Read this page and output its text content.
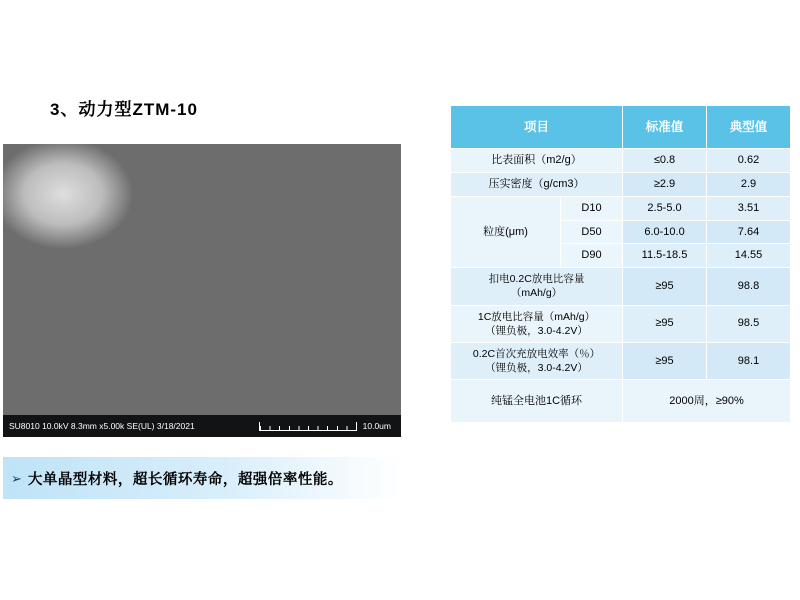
3、动力型ZTM-10
SU8010 10.0kV 8.3mm x5.00k SE(UL) 3/18/2021	10.0um
➢ 大单晶型材料，超长循环寿命，超强倍率性能。
项目		标准值	典型值
比表面积（m2/g）		≤0.8	0.62
压实密度（g/cm3）		≥2.9	2.9
粒度(μm)	D10	2.5-5.0	3.51
	D50	6.0-10.0	7.64
	D90	11.5-18.5	14.55

扣电0.2C放电比容量
（mAh/g）		≥95	98.8

1C放电比容量（mAh/g）
（锂负极，3.0-4.2V）		≥95	98.5

0.2C首次充放电效率（％）
（锂负极，3.0-4.2V）		≥95	98.1
纯锰全电池1C循环		2000周，≥90%	
